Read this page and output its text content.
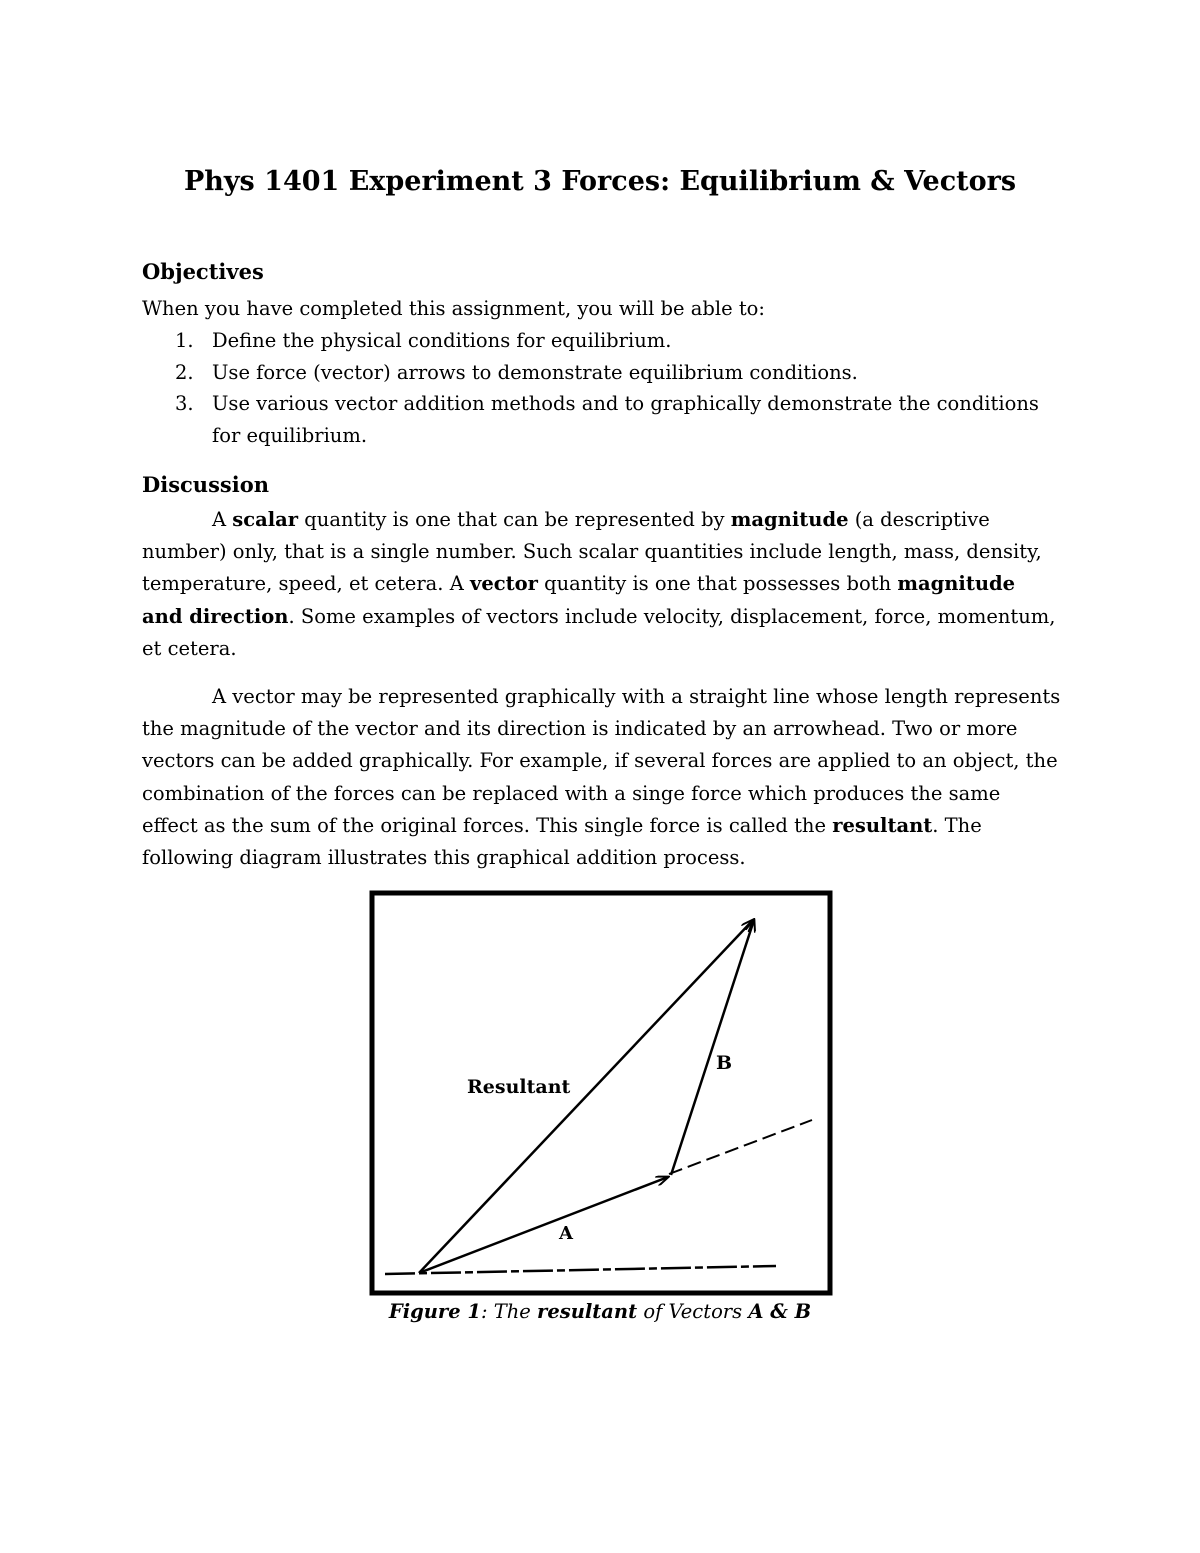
Phys 1401 Experiment 3 Forces: Equilibrium & Vectors
Objectives

When you have completed this assignment, you will be able to:

1. Define the physical conditions for equilibrium.
2. Use force (vector) arrows to demonstrate equilibrium conditions.
3. Use various vector addition methods and to graphically demonstrate the conditions for equilibrium.
Discussion

A scalar quantity is one that can be represented by magnitude (a descriptive number) only, that is a single number. Such scalar quantities include length, mass, density, temperature, speed, et cetera. A vector quantity is one that possesses both magnitude and direction. Some examples of vectors include velocity, displacement, force, momentum, et cetera.

A vector may be represented graphically with a straight line whose length represents the magnitude of the vector and its direction is indicated by an arrowhead. Two or more vectors can be added graphically. For example, if several forces are applied to an object, the combination of the forces can be replaced with a singe force which produces the same effect as the sum of the original forces. This single force is called the resultant. The following diagram illustrates this graphical addition process.

Resultant
A
B

Figure 1: The resultant of Vectors A & B
